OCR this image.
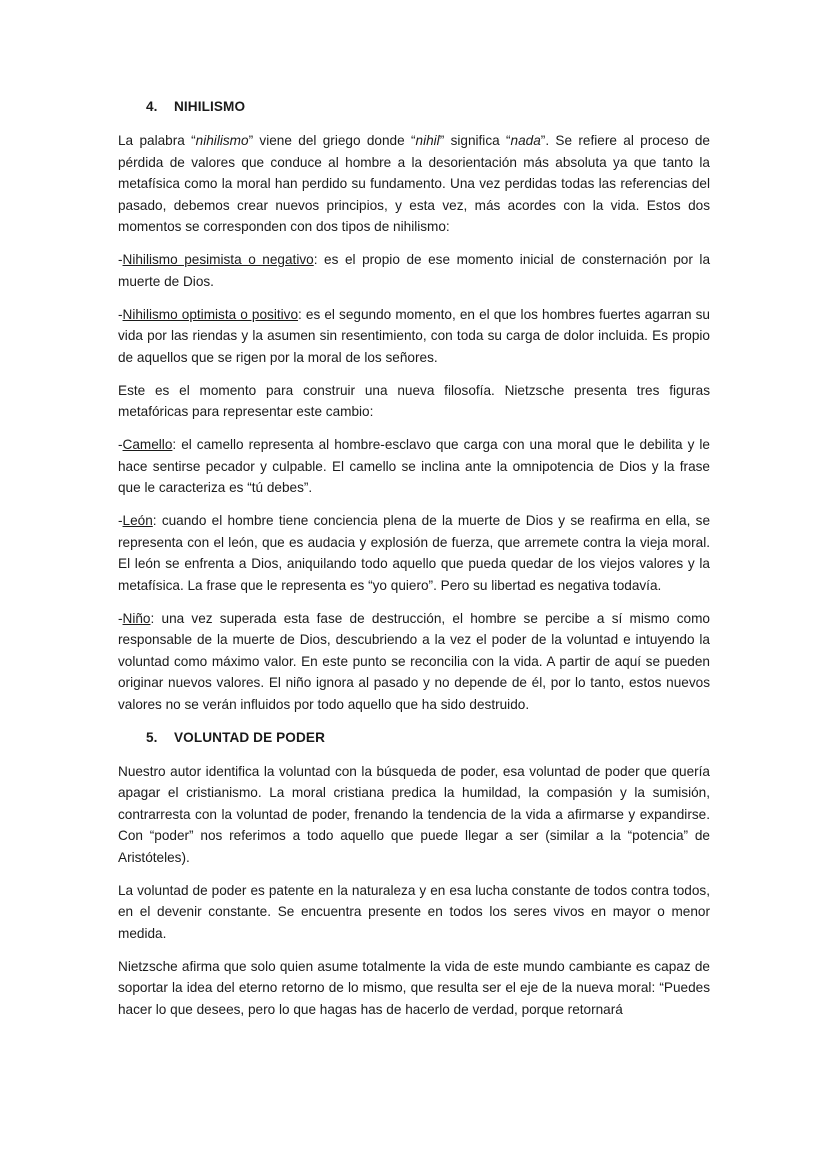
4. NIHILISMO

La palabra “nihilismo” viene del griego donde “nihil” significa “nada”. Se refiere al proceso de pérdida de valores que conduce al hombre a la desorientación más absoluta ya que tanto la metafísica como la moral han perdido su fundamento. Una vez perdidas todas las referencias del pasado, debemos crear nuevos principios, y esta vez, más acordes con la vida. Estos dos momentos se corresponden con dos tipos de nihilismo:

-Nihilismo pesimista o negativo: es el propio de ese momento inicial de consternación por la muerte de Dios.

-Nihilismo optimista o positivo: es el segundo momento, en el que los hombres fuertes agarran su vida por las riendas y la asumen sin resentimiento, con toda su carga de dolor incluida. Es propio de aquellos que se rigen por la moral de los señores.

Este es el momento para construir una nueva filosofía. Nietzsche presenta tres figuras metafóricas para representar este cambio:

-Camello: el camello representa al hombre-esclavo que carga con una moral que le debilita y le hace sentirse pecador y culpable. El camello se inclina ante la omnipotencia de Dios y la frase que le caracteriza es “tú debes”.

-León: cuando el hombre tiene conciencia plena de la muerte de Dios y se reafirma en ella, se representa con el león, que es audacia y explosión de fuerza, que arremete contra la vieja moral. El león se enfrenta a Dios, aniquilando todo aquello que pueda quedar de los viejos valores y la metafísica. La frase que le representa es “yo quiero”. Pero su libertad es negativa todavía.

-Niño: una vez superada esta fase de destrucción, el hombre se percibe a sí mismo como responsable de la muerte de Dios, descubriendo a la vez el poder de la voluntad e intuyendo la voluntad como máximo valor. En este punto se reconcilia con la vida. A partir de aquí se pueden originar nuevos valores. El niño ignora al pasado y no depende de él, por lo tanto, estos nuevos valores no se verán influidos por todo aquello que ha sido destruido.

5. VOLUNTAD DE PODER

Nuestro autor identifica la voluntad con la búsqueda de poder, esa voluntad de poder que quería apagar el cristianismo. La moral cristiana predica la humildad, la compasión y la sumisión, contrarresta con la voluntad de poder, frenando la tendencia de la vida a afirmarse y expandirse. Con “poder” nos referimos a todo aquello que puede llegar a ser (similar a la “potencia” de Aristóteles).

La voluntad de poder es patente en la naturaleza y en esa lucha constante de todos contra todos, en el devenir constante. Se encuentra presente en todos los seres vivos en mayor o menor medida.

Nietzsche afirma que solo quien asume totalmente la vida de este mundo cambiante es capaz de soportar la idea del eterno retorno de lo mismo, que resulta ser el eje de la nueva moral: “Puedes hacer lo que desees, pero lo que hagas has de hacerlo de verdad, porque retornará
